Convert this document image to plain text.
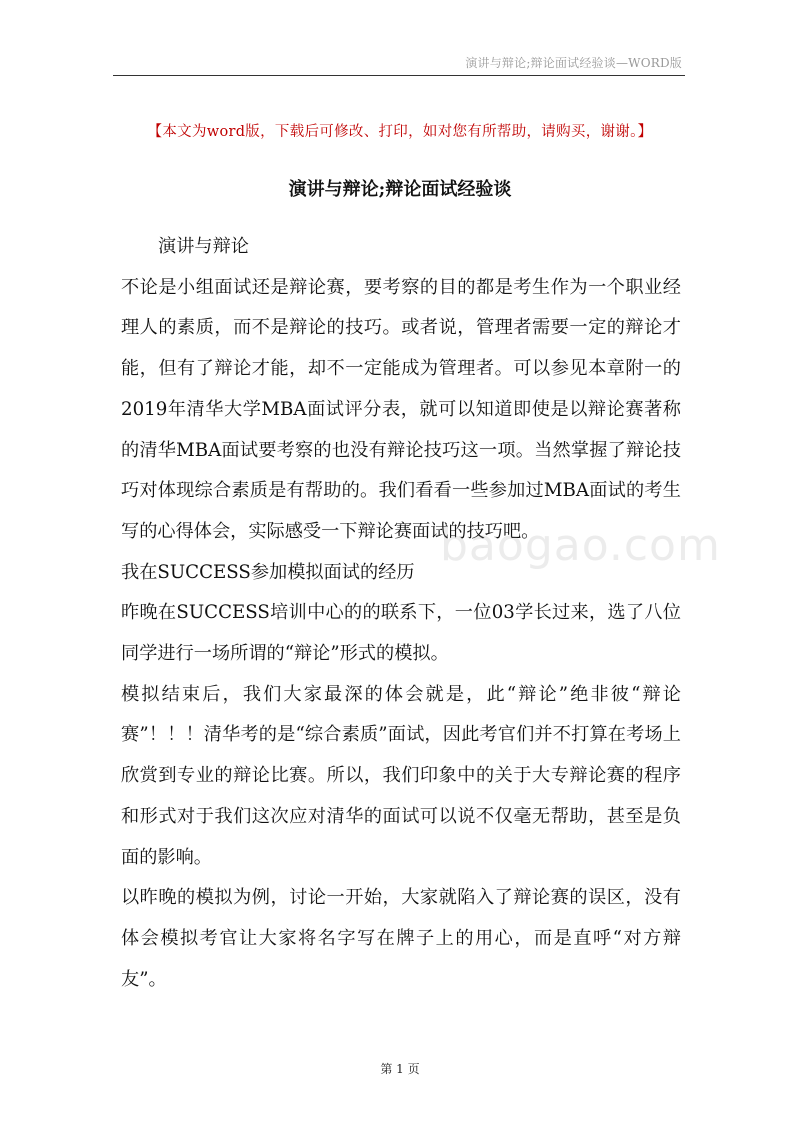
演讲与辩论;辩论面试经验谈—WORD版
【本文为word版，下载后可修改、打印，如对您有所帮助，请购买，谢谢。】
演讲与辩论;辩论面试经验谈

演讲与辩论

不论是小组面试还是辩论赛，要考察的目的都是考生作为一个职业经理人的素质，而不是辩论的技巧。或者说，管理者需要一定的辩论才能，但有了辩论才能，却不一定能成为管理者。可以参见本章附一的2019年清华大学MBA面试评分表，就可以知道即使是以辩论赛著称的清华MBA面试要考察的也没有辩论技巧这一项。当然掌握了辩论技巧对体现综合素质是有帮助的。我们看看一些参加过MBA面试的考生写的心得体会，实际感受一下辩论赛面试的技巧吧。

我在SUCCESS参加模拟面试的经历

昨晚在SUCCESS培训中心的的联系下，一位03学长过来，选了八位同学进行一场所谓的“辩论”形式的模拟。

模拟结束后，我们大家最深的体会就是，此“辩论”绝非彼“辩论赛”！！！清华考的是“综合素质”面试，因此考官们并不打算在考场上欣赏到专业的辩论比赛。所以，我们印象中的关于大专辩论赛的程序和形式对于我们这次应对清华的面试可以说不仅毫无帮助，甚至是负面的影响。

以昨晚的模拟为例，讨论一开始，大家就陷入了辩论赛的误区，没有体会模拟考官让大家将名字写在牌子上的用心，而是直呼“对方辩友”。

baogao.com
第 1 页
